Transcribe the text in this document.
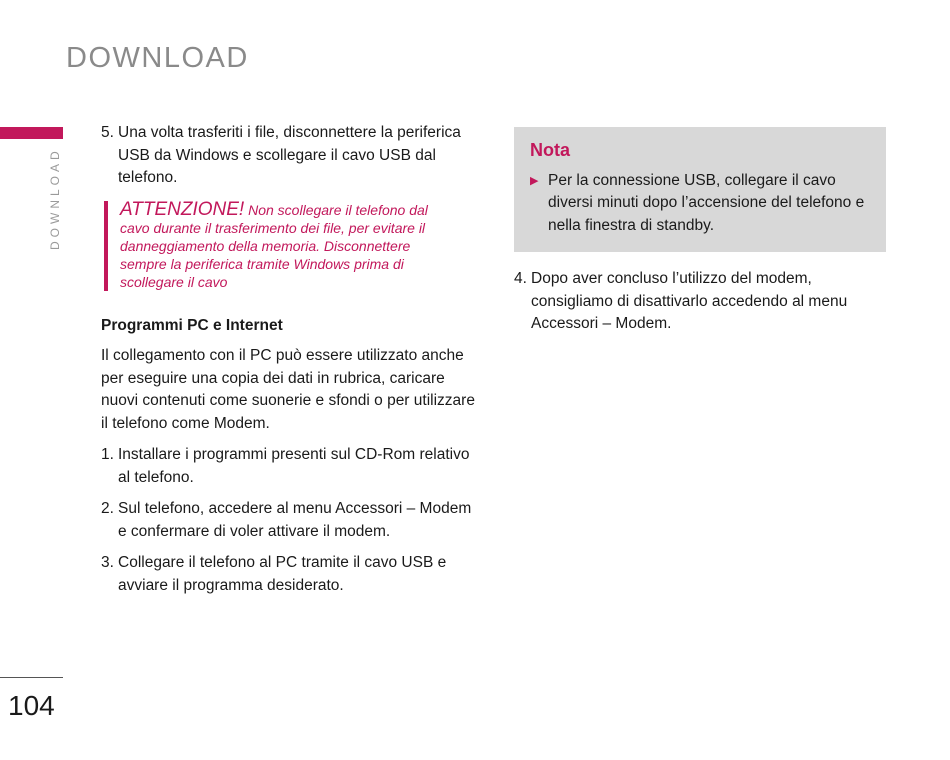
DOWNLOAD
DOWNLOAD
104
5. Una volta trasferiti i file, disconnettere la periferica USB da Windows e scollegare il cavo USB dal telefono.
ATTENZIONE! Non scollegare il telefono dal cavo durante il trasferimento dei file, per evitare il danneggiamento della memoria. Disconnettere sempre la periferica tramite Windows prima di scollegare il cavo
Programmi PC e Internet
Il collegamento con il PC può essere utilizzato anche per eseguire una copia dei dati in rubrica, caricare nuovi contenuti come suonerie e sfondi o per utilizzare il telefono come Modem.
1. Installare i programmi presenti sul CD-Rom relativo al telefono.
2. Sul telefono, accedere al menu Accessori – Modem e confermare di voler attivare il modem.
3. Collegare il telefono al PC tramite il cavo USB e avviare il programma desiderato.
Nota
▶ Per la connessione USB, collegare il cavo diversi minuti dopo l’accensione del telefono e nella finestra di standby.
4. Dopo aver concluso l’utilizzo del modem, consigliamo di disattivarlo accedendo al menu Accessori – Modem.
